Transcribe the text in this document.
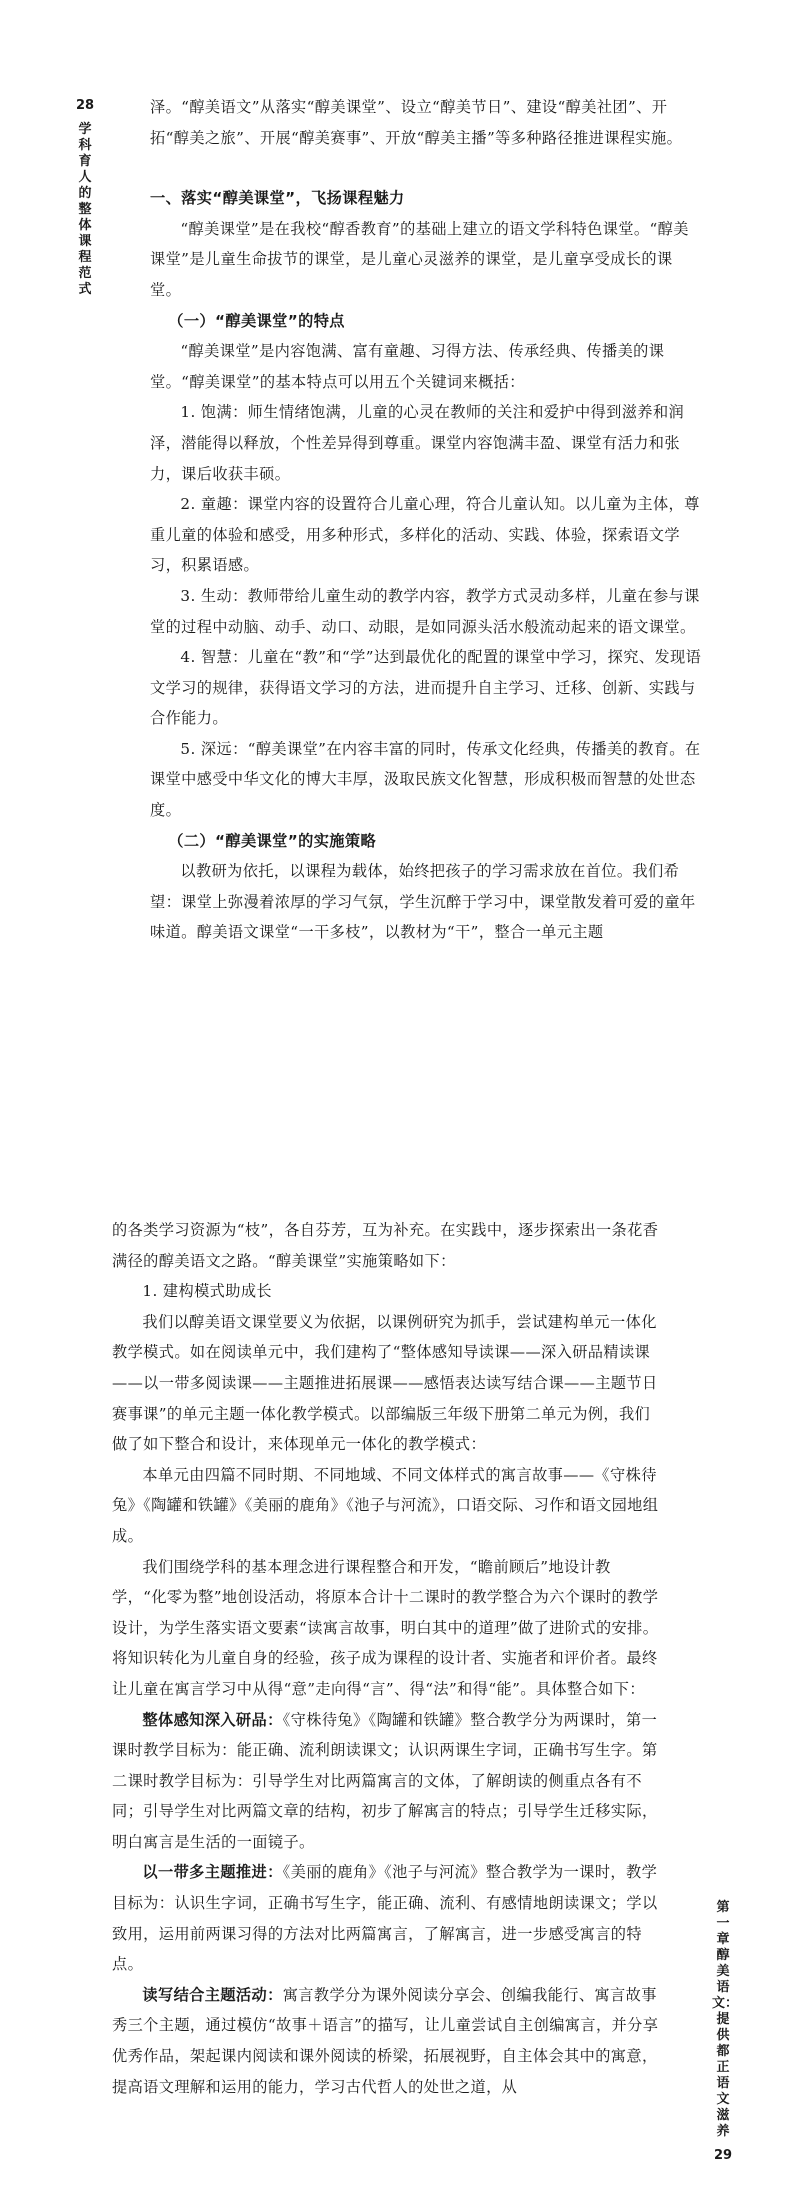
28
学科育人的整体课程范式

泽。“醇美语文”从落实“醇美课堂”、设立“醇美节日”、建设“醇美社团”、开拓“醇美之旅”、开展“醇美赛事”、开放“醇美主播”等多种路径推进课程实施。

一、落实“醇美课堂”，飞扬课程魅力

“醇美课堂”是在我校“醇香教育”的基础上建立的语文学科特色课堂。“醇美课堂”是儿童生命拔节的课堂，是儿童心灵滋养的课堂，是儿童享受成长的课堂。

（一）“醇美课堂”的特点

“醇美课堂”是内容饱满、富有童趣、习得方法、传承经典、传播美的课堂。“醇美课堂”的基本特点可以用五个关键词来概括：

1. 饱满：师生情绪饱满，儿童的心灵在教师的关注和爱护中得到滋养和润泽，潜能得以释放，个性差异得到尊重。课堂内容饱满丰盈、课堂有活力和张力，课后收获丰硕。

2. 童趣：课堂内容的设置符合儿童心理，符合儿童认知。以儿童为主体，尊重儿童的体验和感受，用多种形式，多样化的活动、实践、体验，探索语文学习，积累语感。

3. 生动：教师带给儿童生动的教学内容，教学方式灵动多样，儿童在参与课堂的过程中动脑、动手、动口、动眼，是如同源头活水般流动起来的语文课堂。

4. 智慧：儿童在“教”和“学”达到最优化的配置的课堂中学习，探究、发现语文学习的规律，获得语文学习的方法，进而提升自主学习、迁移、创新、实践与合作能力。

5. 深远：“醇美课堂”在内容丰富的同时，传承文化经典，传播美的教育。在课堂中感受中华文化的博大丰厚，汲取民族文化智慧，形成积极而智慧的处世态度。

（二）“醇美课堂”的实施策略

以教研为依托，以课程为载体，始终把孩子的学习需求放在首位。我们希望：课堂上弥漫着浓厚的学习气氛，学生沉醉于学习中，课堂散发着可爱的童年味道。醇美语文课堂“一干多枝”，以教材为“干”，整合一单元主题

的各类学习资源为“枝”，各自芬芳，互为补充。在实践中，逐步探索出一条花香满径的醇美语文之路。“醇美课堂”实施策略如下：

1. 建构模式助成长

我们以醇美语文课堂要义为依据，以课例研究为抓手，尝试建构单元一体化教学模式。如在阅读单元中，我们建构了“整体感知导读课——深入研品精读课——以一带多阅读课——主题推进拓展课——感悟表达读写结合课——主题节日赛事课”的单元主题一体化教学模式。以部编版三年级下册第二单元为例，我们做了如下整合和设计，来体现单元一体化的教学模式：

本单元由四篇不同时期、不同地域、不同文体样式的寓言故事——《守株待兔》《陶罐和铁罐》《美丽的鹿角》《池子与河流》，口语交际、习作和语文园地组成。

我们围绕学科的基本理念进行课程整合和开发，“瞻前顾后”地设计教学，“化零为整”地创设活动，将原本合计十二课时的教学整合为六个课时的教学设计，为学生落实语文要素“读寓言故事，明白其中的道理”做了进阶式的安排。将知识转化为儿童自身的经验，孩子成为课程的设计者、实施者和评价者。最终让儿童在寓言学习中从得“意”走向得“言”、得“法”和得“能”。具体整合如下：

整体感知深入研品：《守株待兔》《陶罐和铁罐》整合教学分为两课时，第一课时教学目标为：能正确、流利朗读课文；认识两课生字词，正确书写生字。第二课时教学目标为：引导学生对比两篇寓言的文体，了解朗读的侧重点各有不同；引导学生对比两篇文章的结构，初步了解寓言的特点；引导学生迁移实际，明白寓言是生活的一面镜子。

以一带多主题推进：《美丽的鹿角》《池子与河流》整合教学为一课时，教学目标为：认识生字词，正确书写生字，能正确、流利、有感情地朗读课文；学以致用，运用前两课习得的方法对比两篇寓言，了解寓言，进一步感受寓言的特点。

读写结合主题活动：寓言教学分为课外阅读分享会、创编我能行、寓言故事秀三个主题，通过模仿“故事＋语言”的描写，让儿童尝试自主创编寓言，并分享优秀作品，架起课内阅读和课外阅读的桥梁，拓展视野，自主体会其中的寓意，提高语文理解和运用的能力，学习古代哲人的处世之道，从

第一章　醇美语文：提供都正语文滋养
29
